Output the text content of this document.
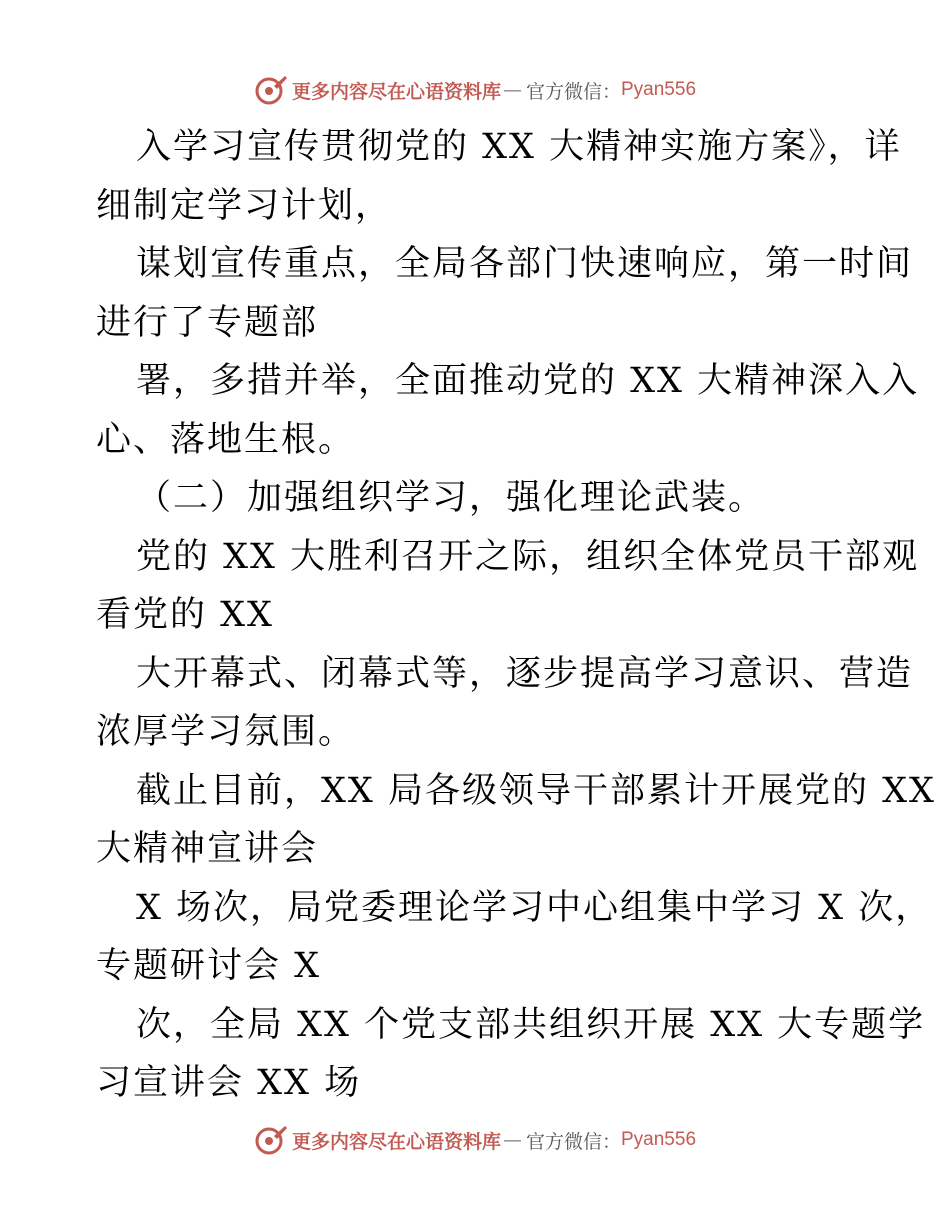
更多内容尽在心语资料库 — 官方微信： Pyan556
入学习宣传贯彻党的 XX 大精神实施方案》，详
细制定学习计划，
谋划宣传重点，全局各部门快速响应，第一时间
进行了专题部
署，多措并举，全面推动党的 XX 大精神深入入
心、落地生根。
（二）加强组织学习，强化理论武装。
党的 XX 大胜利召开之际，组织全体党员干部观
看党的 XX
大开幕式、闭幕式等，逐步提高学习意识、营造
浓厚学习氛围。
截止目前，XX 局各级领导干部累计开展党的 XX
大精神宣讲会
X 场次，局党委理论学习中心组集中学习 X 次，
专题研讨会 X
次，全局 XX 个党支部共组织开展 XX 大专题学
习宣讲会 XX 场
更多内容尽在心语资料库 — 官方微信： Pyan556
